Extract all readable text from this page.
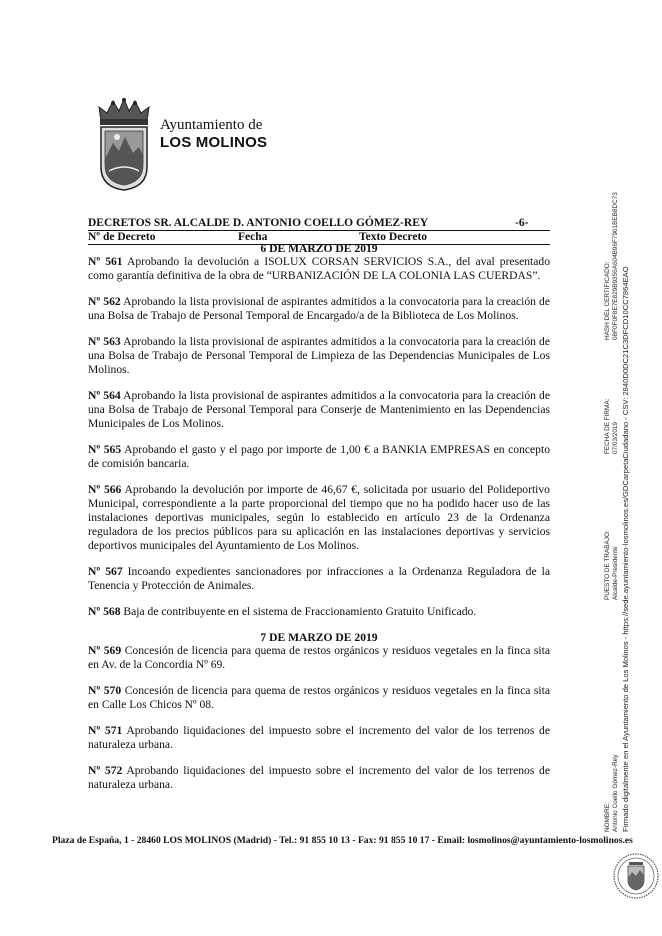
Ayuntamiento de
LOS MOLINOS
DECRETOS SR. ALCALDE D. ANTONIO COELLO GÓMEZ-REY	-6-
Nº de Decreto	Fecha	Texto Decreto
6 DE MARZO DE 2019

Nº 561 Aprobando la devolución a ISOLUX CORSAN SERVICIOS S.A., del aval presentado como garantía definitiva de la obra de “URBANIZACIÓN DE LA COLONIA LAS CUERDAS”.

Nº 562 Aprobando la lista provisional de aspirantes admitidos a la convocatoria para la creación de una Bolsa de Trabajo de Personal Temporal de Encargado/a de la Biblioteca de Los Molinos.

Nº 563 Aprobando la lista provisional de aspirantes admitidos a la convocatoria para la creación de una Bolsa de Trabajo de Personal Temporal de Limpieza de las Dependencias Municipales de Los Molinos.

Nº 564 Aprobando la lista provisional de aspirantes admitidos a la convocatoria para la creación de una Bolsa de Trabajo de Personal Temporal para Conserje de Mantenimiento en las Dependencias Municipales de Los Molinos.

Nº 565 Aprobando el gasto y el pago por importe de 1,00 € a BANKIA EMPRESAS en concepto de comisión bancaria.

Nº 566 Aprobando la devolución por importe de 46,67 €, solicitada por usuario del Polideportivo Municipal, correspondiente a la parte proporcional del tiempo que no ha podido hacer uso de las instalaciones deportivas municipales, según lo establecido en artículo 23 de la Ordenanza reguladora de los precios públicos para su aplicación en las instalaciones deportivas y servicios deportivos municipales del Ayuntamiento de Los Molinos.

Nº 567 Incoando expedientes sancionadores por infracciones a la Ordenanza Reguladora de la Tenencia y Protección de Animales.

Nº 568 Baja de contribuyente en el sistema de Fraccionamiento Gratuito Unificado.

7 DE MARZO DE 2019

Nº 569 Concesión de licencia para quema de restos orgánicos y residuos vegetales en la finca sita en Av. de la Concordia Nº 69.

Nº 570 Concesión de licencia para quema de restos orgánicos y residuos vegetales en la finca sita en Calle Los Chicos Nº 08.

Nº 571 Aprobando liquidaciones del impuesto sobre el incremento del valor de los terrenos de naturaleza urbana.

Nº 572 Aprobando liquidaciones del impuesto sobre el incremento del valor de los terrenos de naturaleza urbana.

Plaza de España, 1 - 28460 LOS MOLINOS (Madrid) - Tel.: 91 855 10 13 - Fax: 91 855 10 17 - Email: losmolinos@ayuntamiento-losmolinos.es
NOMBRE: Antonio Coello Gómez-Rey
PUESTO DE TRABAJO: Alcalde-Presidente
FECHA DE FIRMA: 07/03/2019
HASH DEL CERTIFICADO: 08F0F0F8E7E829B9356A604B96F7901BEB8DC73
Firmado digitalmente en el Ayuntamiento de Los Molinos - https://sede.ayuntamiento-losmolinos.es/GDCarpetaCiudadano - CSV: 2840D0DC21C3DFCD10CC7864EAO
